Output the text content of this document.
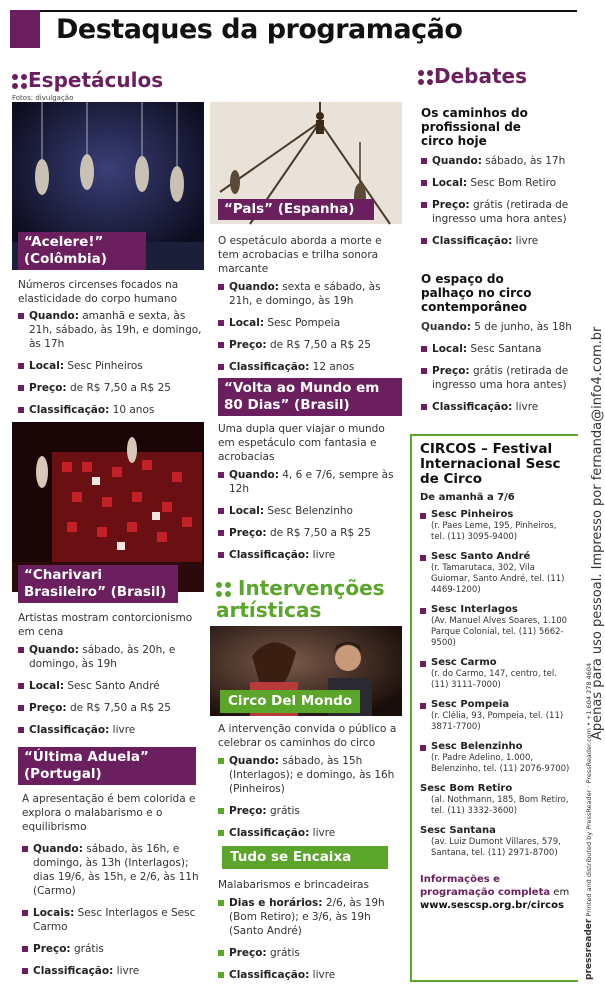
Destaques da programação
Espetáculos
Fotos: divulgação
“Acelere!” (Colômbia)

Números circenses focados na elasticidade do corpo humano

Quando: amanhã e sexta, às 21h, sábado, às 19h, e domingo, às 17h
Local: Sesc Pinheiros
Preço: de R$ 7,50 a R$ 25
Classificação: 10 anos
“Charivari Brasileiro” (Brasil)

Artistas mostram contorcionismo em cena

Quando: sábado, às 20h, e domingo, às 19h
Local: Sesc Santo André
Preço: de R$ 7,50 a R$ 25
Classificação: livre
“Última Aduela” (Portugal)

A apresentação é bem colorida e explora o malabarismo e o equilibrismo

Quando: sábado, às 16h, e domingo, às 13h (Interlagos); dias 19/6, às 15h, e 2/6, às 11h (Carmo)
Locais: Sesc Interlagos e Sesc Carmo
Preço: grátis
Classificação: livre
“Pals” (Espanha)

O espetáculo aborda a morte e tem acrobacias e trilha sonora marcante

Quando: sexta e sábado, às 21h, e domingo, às 19h
Local: Sesc Pompeia
Preço: de R$ 7,50 a R$ 25
Classificação: 12 anos
“Volta ao Mundo em 80 Dias” (Brasil)

Uma dupla quer viajar o mundo em espetáculo com fantasia e acrobacias

Quando: 4, 6 e 7/6, sempre às 12h
Local: Sesc Belenzinho
Preço: de R$ 7,50 a R$ 25
Classificação: livre
Intervenções artísticas
Circo Del Mondo

A intervenção convida o público a celebrar os caminhos do circo

Quando: sábado, às 15h (Interlagos); e domingo, às 16h (Pinheiros)
Preço: grátis
Classificação: livre
Tudo se Encaixa

Malabarismos e brincadeiras

Dias e horários: 2/6, às 19h (Bom Retiro); e 3/6, às 19h (Santo André)
Preço: grátis
Classificação: livre
Debates
Os caminhos do profissional de circo hoje
Quando: sábado, às 17h
Local: Sesc Bom Retiro
Preço: grátis (retirada de ingresso uma hora antes)
Classificação: livre
O espaço do palhaço no circo contemporâneo
Quando: 5 de junho, às 18h
Local: Sesc Santana
Preço: grátis (retirada de ingresso uma hora antes)
Classificação: livre
CIRCOS – Festival Internacional Sesc de Circo
De amanhã a 7/6
Sesc Pinheiros
(r. Paes Leme, 195, Pinheiros, tel. (11) 3095-9400)
Sesc Santo André
(r. Tamarutaca, 302, Vila Guiomar, Santo André, tel. (11) 4469-1200)
Sesc Interlagos
(Av. Manuel Alves Soares, 1.100 Parque Colonial, tel. (11) 5662-9500)
Sesc Carmo
(r. do Carmo, 147, centro, tel. (11) 3111-7000)
Sesc Pompeia
(r. Clélia, 93, Pompeia, tel. (11) 3871-7700)
Sesc Belenzinho
(r. Padre Adelino, 1.000, Belenzinho, tel. (11) 2076-9700)
Sesc Bom Retiro
(al. Nothmann, 185, Bom Retiro, tel. (11) 3332-3600)
Sesc Santana
(av. Luiz Dumont Villares, 579, Santana, tel. (11) 2971-8700)
Informações e programação completa em
www.sescsp.org.br/circos
Apenas para uso pessoal. Impresso por fernanda@info4.com.br
pressreader Printed and distributed by PressReader · PressReader.com • +1 604 278 4604
